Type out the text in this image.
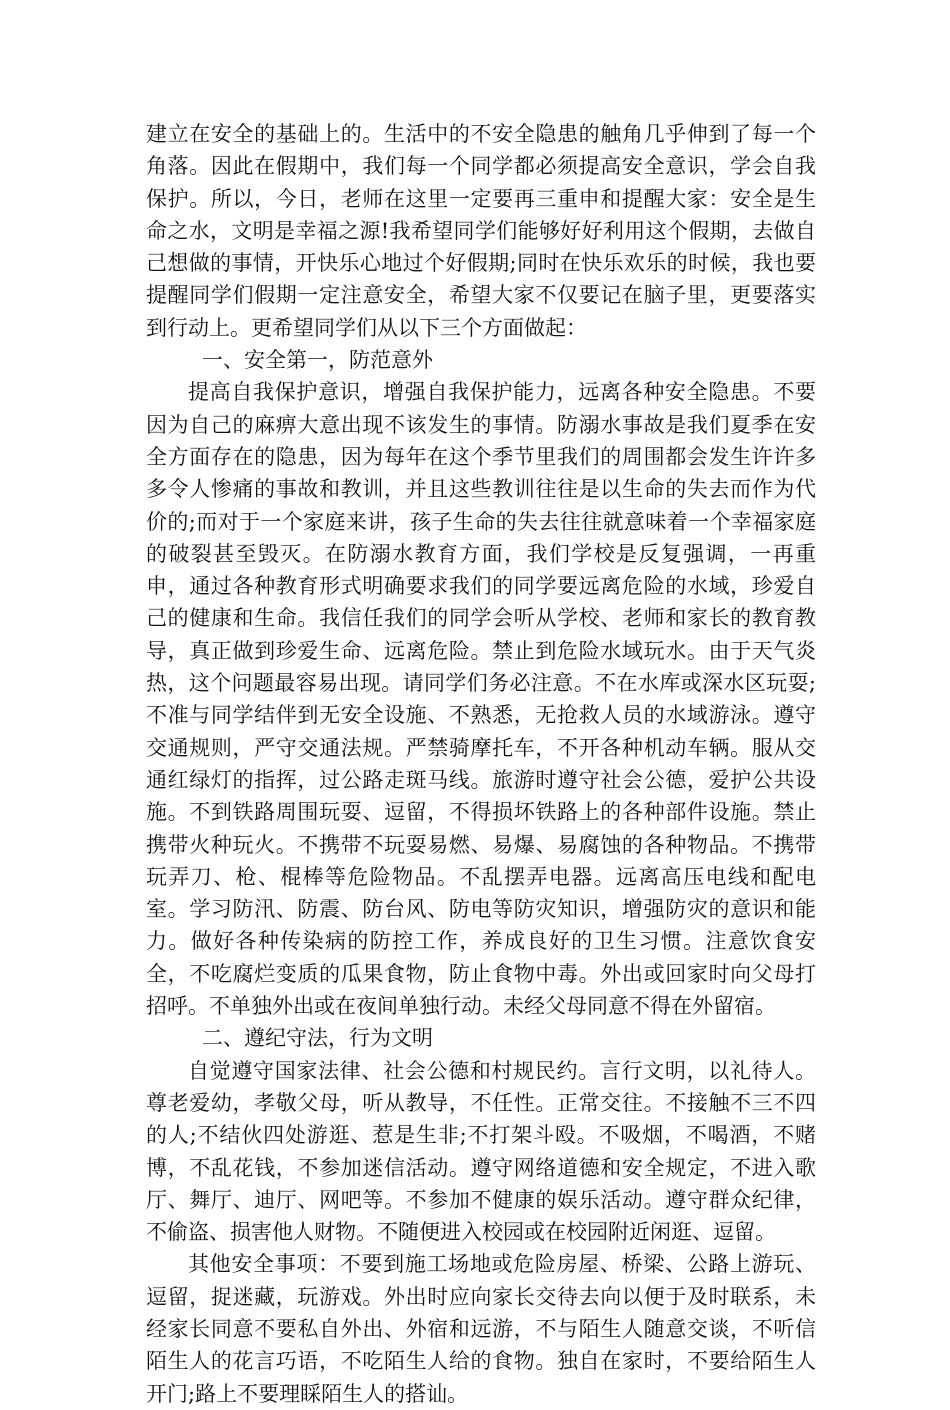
建立在安全的基础上的。生活中的不安全隐患的触角几乎伸到了每一个角落。因此在假期中，我们每一个同学都必须提高安全意识，学会自我保护。所以，今日，老师在这里一定要再三重申和提醒大家：安全是生命之水，文明是幸福之源!我希望同学们能够好好利用这个假期，去做自己想做的事情，开快乐心地过个好假期;同时在快乐欢乐的时候，我也要提醒同学们假期一定注意安全，希望大家不仅要记在脑子里，更要落实到行动上。更希望同学们从以下三个方面做起：

一、安全第一，防范意外

提高自我保护意识，增强自我保护能力，远离各种安全隐患。不要因为自己的麻痹大意出现不该发生的事情。防溺水事故是我们夏季在安全方面存在的隐患，因为每年在这个季节里我们的周围都会发生许许多多令人惨痛的事故和教训，并且这些教训往往是以生命的失去而作为代价的;而对于一个家庭来讲，孩子生命的失去往往就意味着一个幸福家庭的破裂甚至毁灭。在防溺水教育方面，我们学校是反复强调，一再重申，通过各种教育形式明确要求我们的同学要远离危险的水域，珍爱自己的健康和生命。我信任我们的同学会听从学校、老师和家长的教育教导，真正做到珍爱生命、远离危险。禁止到危险水域玩水。由于天气炎热，这个问题最容易出现。请同学们务必注意。不在水库或深水区玩耍;不准与同学结伴到无安全设施、不熟悉，无抢救人员的水域游泳。遵守交通规则，严守交通法规。严禁骑摩托车，不开各种机动车辆。服从交通红绿灯的指挥，过公路走斑马线。旅游时遵守社会公德，爱护公共设施。不到铁路周围玩耍、逗留，不得损坏铁路上的各种部件设施。禁止携带火种玩火。不携带不玩耍易燃、易爆、易腐蚀的各种物品。不携带玩弄刀、枪、棍棒等危险物品。不乱摆弄电器。远离高压电线和配电室。学习防汛、防震、防台风、防电等防灾知识，增强防灾的意识和能力。做好各种传染病的防控工作，养成良好的卫生习惯。注意饮食安全，不吃腐烂变质的瓜果食物，防止食物中毒。外出或回家时向父母打招呼。不单独外出或在夜间单独行动。未经父母同意不得在外留宿。

二、遵纪守法，行为文明

自觉遵守国家法律、社会公德和村规民约。言行文明，以礼待人。尊老爱幼，孝敬父母，听从教导，不任性。正常交往。不接触不三不四的人;不结伙四处游逛、惹是生非;不打架斗殴。不吸烟，不喝酒，不赌博，不乱花钱，不参加迷信活动。遵守网络道德和安全规定，不进入歌厅、舞厅、迪厅、网吧等。不参加不健康的娱乐活动。遵守群众纪律，不偷盗、损害他人财物。不随便进入校园或在校园附近闲逛、逗留。

其他安全事项：不要到施工场地或危险房屋、桥梁、公路上游玩、逗留，捉迷藏，玩游戏。外出时应向家长交待去向以便于及时联系，未经家长同意不要私自外出、外宿和远游，不与陌生人随意交谈，不听信陌生人的花言巧语，不吃陌生人给的食物。独自在家时，不要给陌生人开门;路上不要理睬陌生人的搭讪。
